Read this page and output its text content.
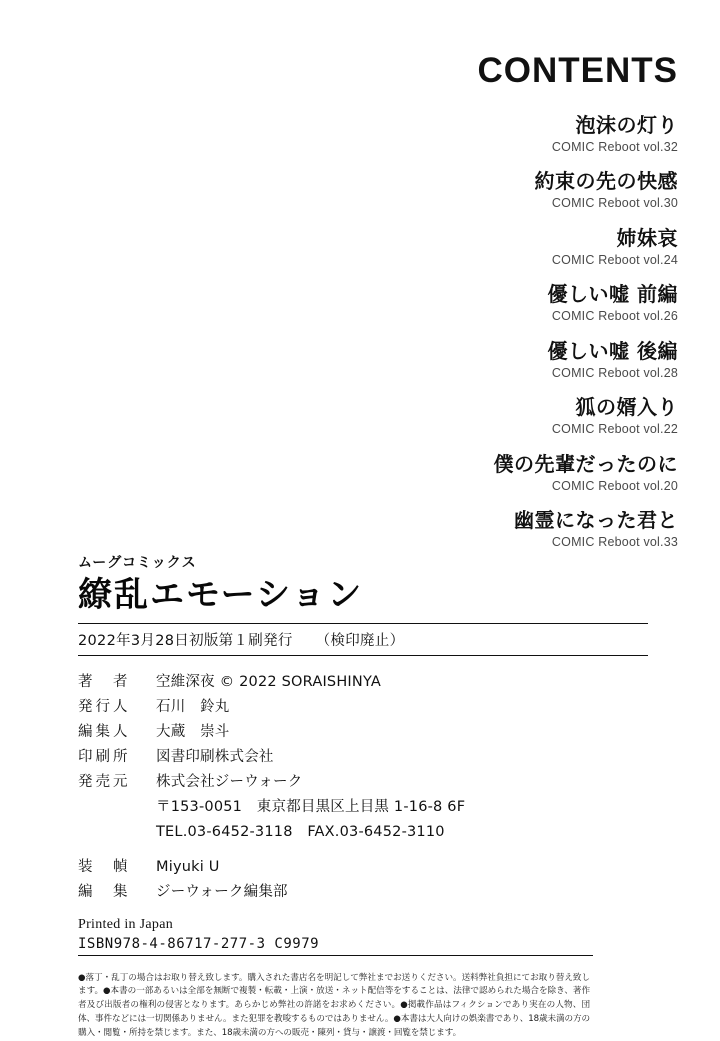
CONTENTS
泡沫の灯り
COMIC Reboot vol.32
約束の先の快感
COMIC Reboot vol.30
姉妹哀
COMIC Reboot vol.24
優しい嘘 前編
COMIC Reboot vol.26
優しい嘘 後編
COMIC Reboot vol.28
狐の婿入り
COMIC Reboot vol.22
僕の先輩だったのに
COMIC Reboot vol.20
幽霊になった君と
COMIC Reboot vol.33
ムーグコミックス
繚乱エモーション
2022年3月28日初版第１刷発行 （検印廃止）
著　者	空維深夜 © 2022 SORAISHINYA
発行人	石川　鈴丸
編集人	大蔵　崇斗
印刷所	図書印刷株式会社
発売元	株式会社ジーウォーク
〒153-0051　東京都目黒区上目黒 1-16-8 6F
TEL.03-6452-3118　FAX.03-6452-3110
装　幀	Miyuki U
編　集	ジーウォーク編集部
Printed in Japan
ISBN978-4-86717-277-3 C9979
●落丁・乱丁の場合はお取り替え致します。購入された書店名を明記して弊社までお送りください。送料弊社負担にてお取り替え致します。●本書の一部あるいは全部を無断で複製・転載・上演・放送・ネット配信等をすることは、法律で認められた場合を除き、著作者及び出版者の権利の侵害となります。あらかじめ弊社の許諾をお求めください。●掲載作品はフィクションであり実在の人物、団体、事件などには一切関係ありません。また犯罪を教唆するものではありません。●本書は大人向けの娯楽書であり、18歳未満の方の購入・閲覧・所持を禁じます。また、18歳未満の方への販売・陳列・貸与・譲渡・回覧を禁じます。
